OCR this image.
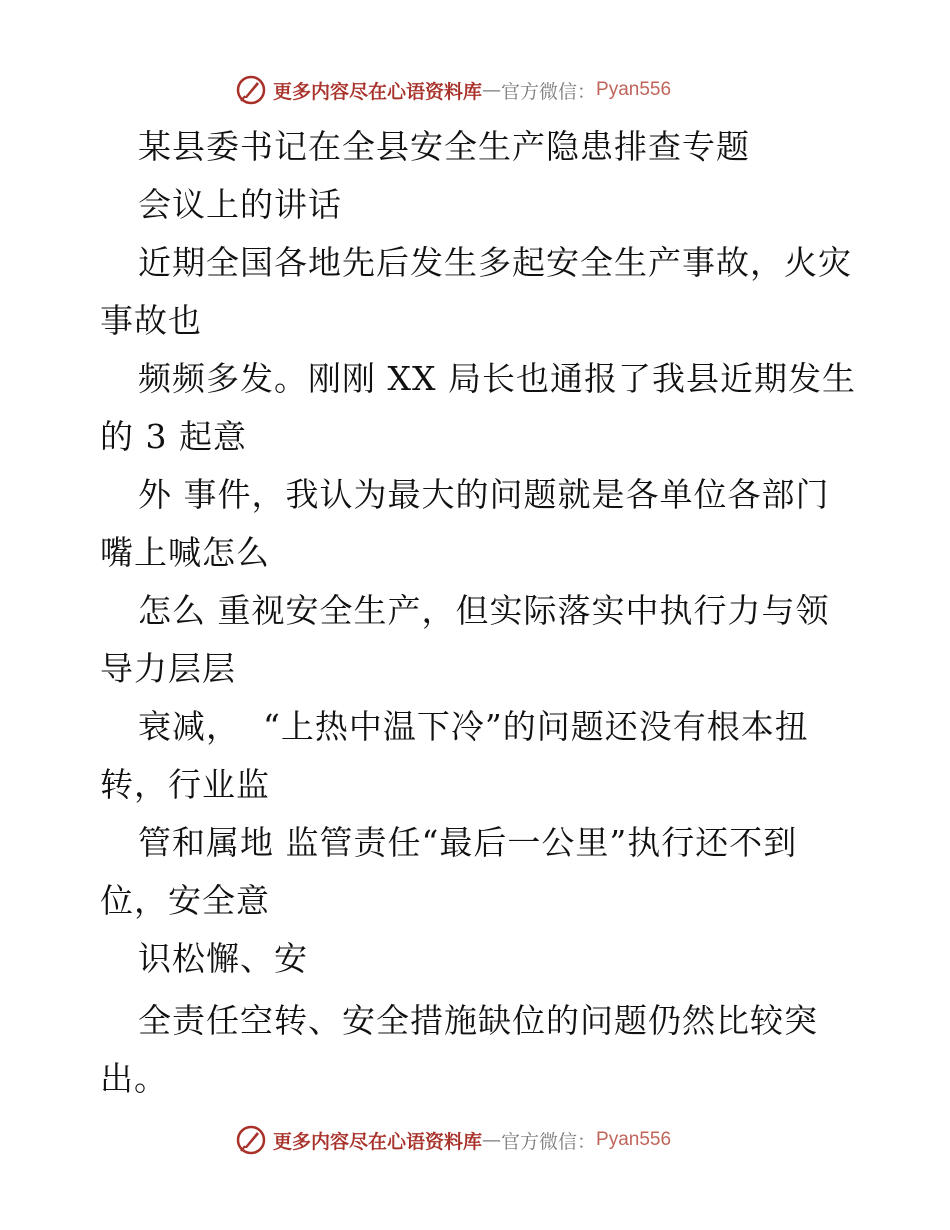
更多内容尽在心语资料库 — 官方微信： Pyan556
某县委书记在全县安全生产隐患排查专题
会议上的讲话
近期全国各地先后发生多起安全生产事故，火灾
事故也
频频多发。刚刚 XX 局长也通报了我县近期发生
的 3 起意
外 事件，我认为最大的问题就是各单位各部门
嘴上喊怎么
怎么 重视安全生产，但实际落实中执行力与领
导力层层
衰减，  “上热中温下冷”的问题还没有根本扭
转，行业监
管和属地 监管责任“最后一公里”执行还不到
位，安全意
识松懈、安
全责任空转、安全措施缺位的问题仍然比较突
出。
更多内容尽在心语资料库 — 官方微信： Pyan556
